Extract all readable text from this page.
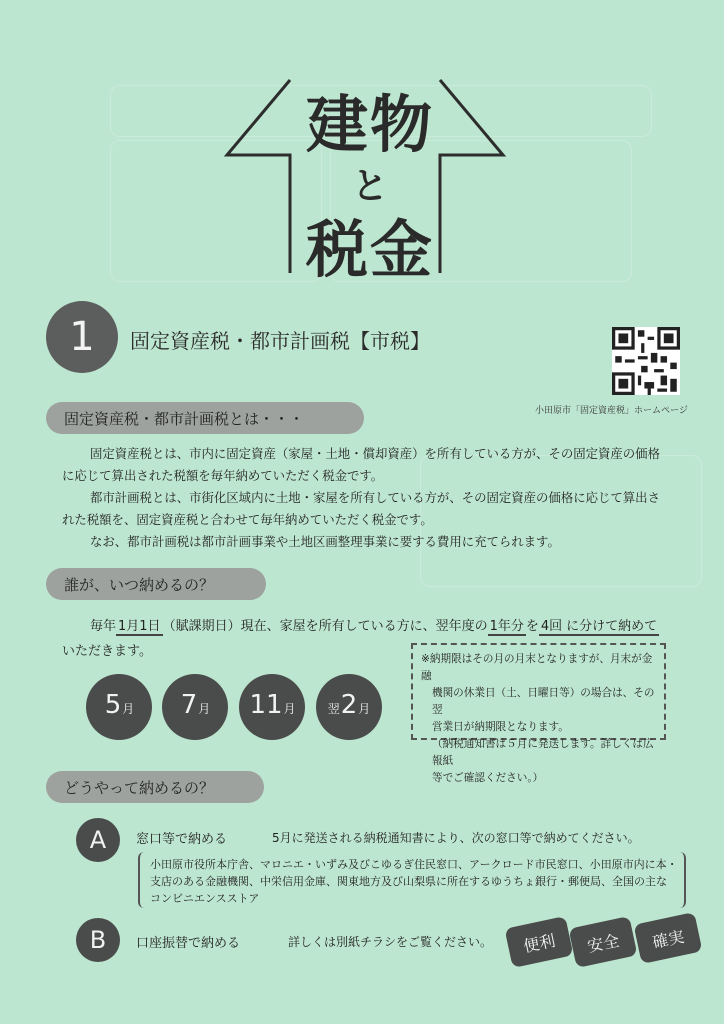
建物
と
税金
1	固定資産税・都市計画税【市税】
小田原市「固定資産税」ホームページ
固定資産税・都市計画税とは・・・
固定資産税とは、市内に固定資産（家屋・土地・償却資産）を所有している方が、その固定資産の価格
に応じて算出された税額を毎年納めていただく税金です。
都市計画税とは、市街化区域内に土地・家屋を所有している方が、その固定資産の価格に応じて算出さ
れた税額を、固定資産税と合わせて毎年納めていただく税金です。
なお、都市計画税は都市計画事業や土地区画整理事業に要する費用に充てられます。
誰が、いつ納めるの？
毎年 1月1日 （賦課期日）現在、家屋を所有している方に、翌年度の 1年分 を 4回 に分けて納めて
いただきます。
5 月 7 月 11 月	翌 2 月
※納期限はその月の月末となりますが、月末が金融
機関の休業日（土、日曜日等）の場合は、その翌
営業日が納期限となります。
（納税通知書は５月に発送します。詳しくは広報紙
等でご確認ください。）
どうやって納めるの？
A	窓口等で納める	5月に発送される納税通知書により、次の窓口等で納めてください。
小田原市役所本庁舎、マロニエ・いずみ及びこゆるぎ住民窓口、アークロード市民窓口、小田原市内に本・
支店のある金融機関、中栄信用金庫、関東地方及び山梨県に所在するゆうちょ銀行・郵便局、全国の主な
コンビニエンスストア
B	口座振替で納める	詳しくは別紙チラシをご覧ください。	便利	安全	確実
